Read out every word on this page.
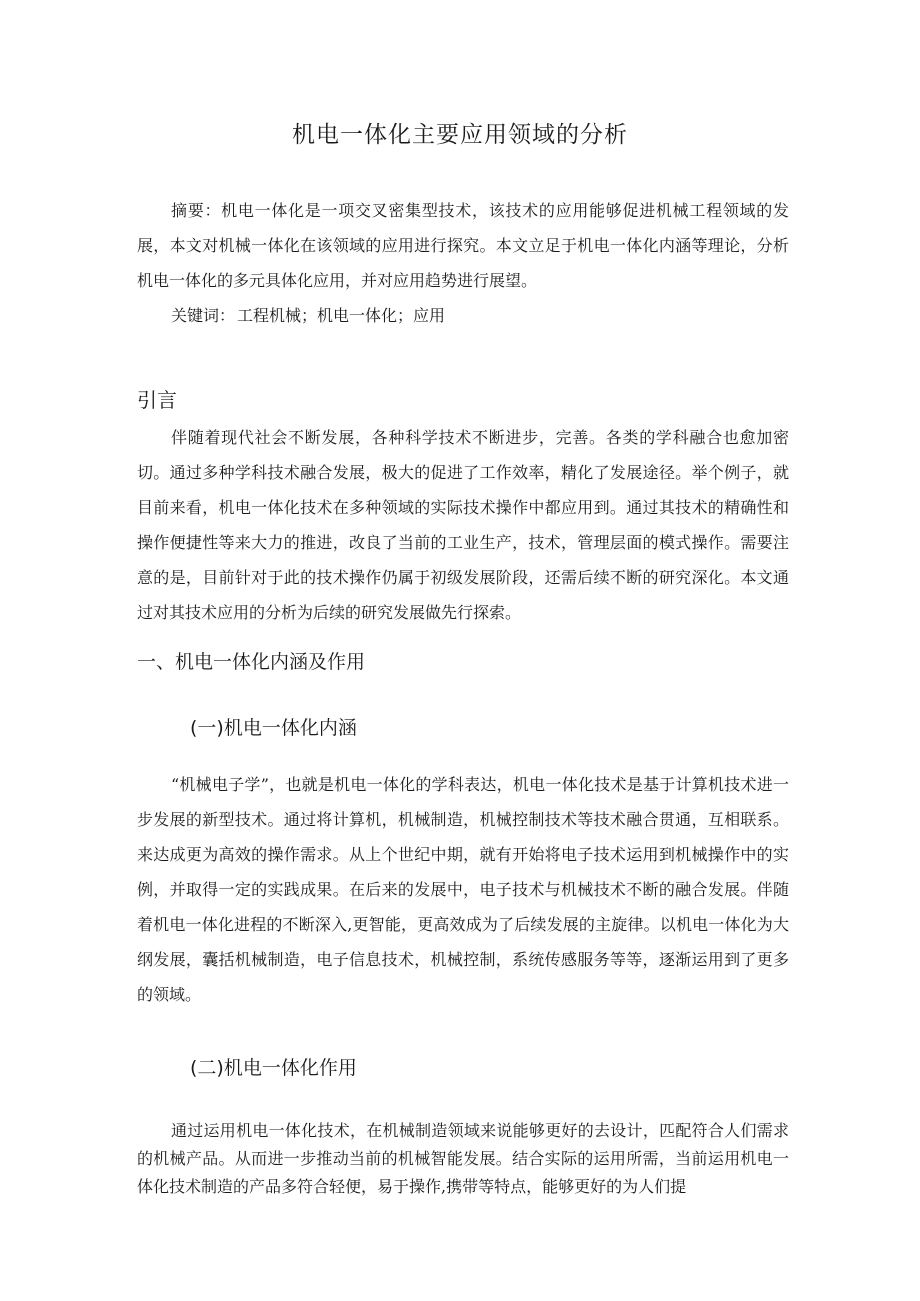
机电一体化主要应用领域的分析

摘要：机电一体化是一项交叉密集型技术，该技术的应用能够促进机械工程领域的发展，本文对机械一体化在该领域的应用进行探究。本文立足于机电一体化内涵等理论，分析机电一体化的多元具体化应用，并对应用趋势进行展望。

关键词： 工程机械；机电一体化；应用

引言

伴随着现代社会不断发展，各种科学技术不断进步，完善。各类的学科融合也愈加密切。通过多种学科技术融合发展，极大的促进了工作效率，精化了发展途径。举个例子，就目前来看，机电一体化技术在多种领域的实际技术操作中都应用到。通过其技术的精确性和操作便捷性等来大力的推进，改良了当前的工业生产，技术，管理层面的模式操作。需要注意的是，目前针对于此的技术操作仍属于初级发展阶段，还需后续不断的研究深化。本文通过对其技术应用的分析为后续的研究发展做先行探索。

一、机电一体化内涵及作用
(一)机电一体化内涵

“机械电子学”，也就是机电一体化的学科表达，机电一体化技术是基于计算机技术进一步发展的新型技术。通过将计算机，机械制造，机械控制技术等技术融合贯通，互相联系。来达成更为高效的操作需求。从上个世纪中期，就有开始将电子技术运用到机械操作中的实例，并取得一定的实践成果。在后来的发展中，电子技术与机械技术不断的融合发展。伴随着机电一体化进程的不断深入,更智能，更高效成为了后续发展的主旋律。以机电一体化为大纲发展，囊括机械制造，电子信息技术，机械控制，系统传感服务等等，逐渐运用到了更多的领域。

(二)机电一体化作用

通过运用机电一体化技术，在机械制造领域来说能够更好的去设计，匹配符合人们需求的机械产品。从而进一步推动当前的机械智能发展。结合实际的运用所需，当前运用机电一体化技术制造的产品多符合轻便，易于操作,携带等特点，能够更好的为人们提
